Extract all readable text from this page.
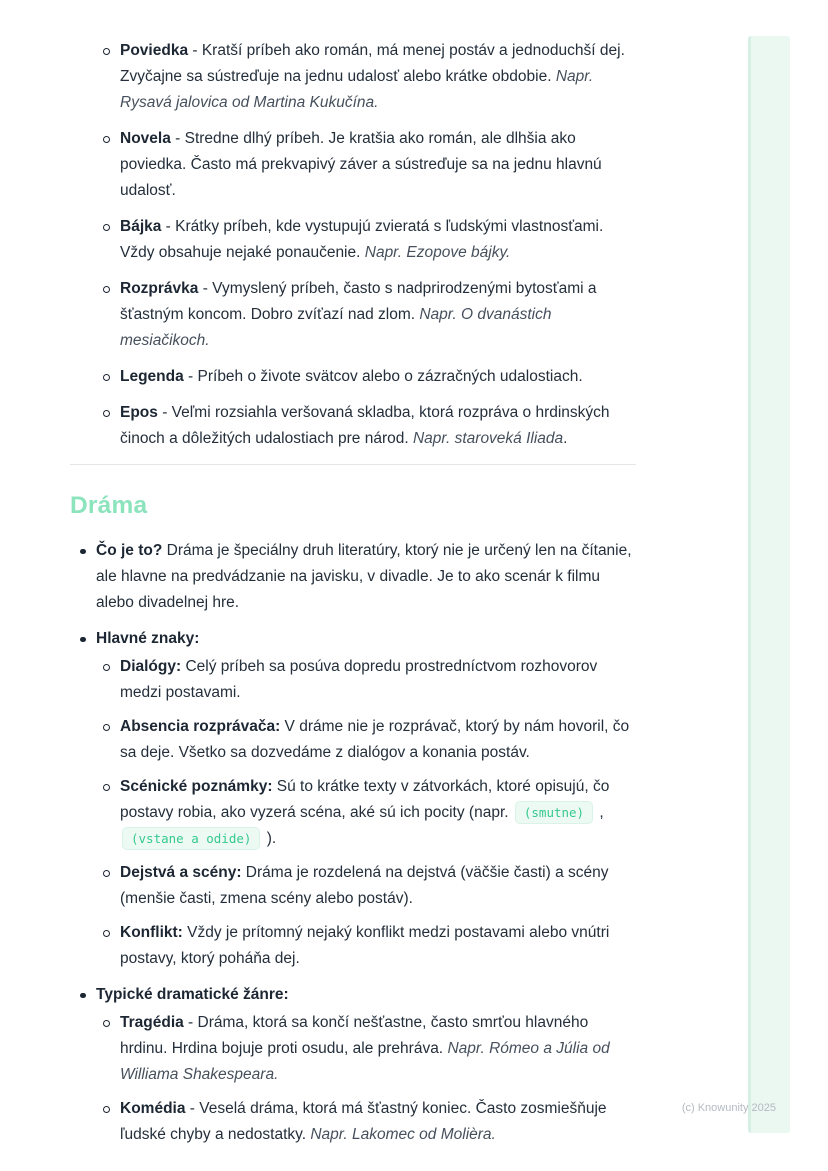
Poviedka - Kratší príbeh ako román, má menej postáv a jednoduchší dej. Zvyčajne sa sústreďuje na jednu udalosť alebo krátke obdobie. Napr. Rysavá jalovica od Martina Kukučína.
Novela - Stredne dlhý príbeh. Je kratšia ako román, ale dlhšia ako poviedka. Často má prekvapivý záver a sústreďuje sa na jednu hlavnú udalosť.
Bájka - Krátky príbeh, kde vystupujú zvieratá s ľudskými vlastnosťami. Vždy obsahuje nejaké ponaučenie. Napr. Ezopove bájky.
Rozprávka - Vymyslený príbeh, často s nadprirodzenými bytosťami a šťastným koncom. Dobro zvíťazí nad zlom. Napr. O dvanástich mesiačikoch.
Legenda - Príbeh o živote svätcov alebo o zázračných udalostiach.
Epos - Veľmi rozsiahla veršovaná skladba, ktorá rozpráva o hrdinských činoch a dôležitých udalostiach pre národ. Napr. staroveká Iliada.
Dráma
Čo je to? Dráma je špeciálny druh literatúry, ktorý nie je určený len na čítanie, ale hlavne na predvádzanie na javisku, v divadle. Je to ako scenár k filmu alebo divadelnej hre.
Hlavné znaky:
Dialógy: Celý príbeh sa posúva dopredu prostredníctvom rozhovorov medzi postavami.
Absencia rozprávača: V dráme nie je rozprávač, ktorý by nám hovoril, čo sa deje. Všetko sa dozvedáme z dialógov a konania postáv.
Scénické poznámky: Sú to krátke texty v zátvorkách, ktoré opisujú, čo postavy robia, ako vyzerá scéna, aké sú ich pocity (napr. (smutne) , (vstane a odide) ).
Dejstvá a scény: Dráma je rozdelená na dejstvá (väčšie časti) a scény (menšie časti, zmena scény alebo postáv).
Konflikt: Vždy je prítomný nejaký konflikt medzi postavami alebo vnútri postavy, ktorý poháňa dej.
Typické dramatické žánre:
Tragédia - Dráma, ktorá sa končí nešťastne, často smrťou hlavného hrdinu. Hrdina bojuje proti osudu, ale prehráva. Napr. Rómeo a Júlia od Williama Shakespeara.
Komédia - Veselá dráma, ktorá má šťastný koniec. Často zosmiešňuje ľudské chyby a nedostatky. Napr. Lakomec od Molièra.
(c) Knowunity 2025
